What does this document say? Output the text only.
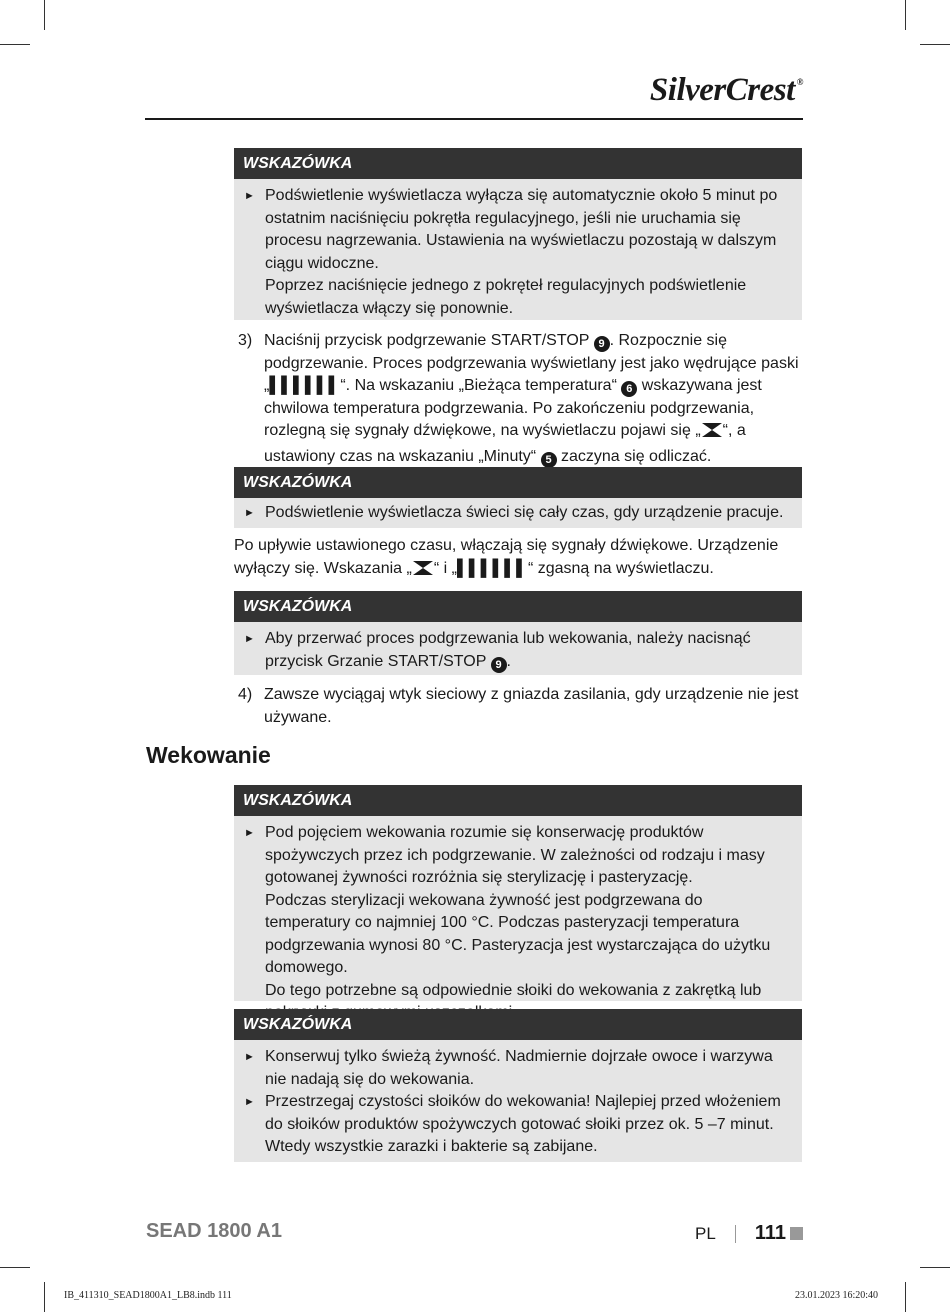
SilverCrest ®
WSKAZÓWKA
► Podświetlenie wyświetlacza wyłącza się automatycznie około 5 minut po ostatnim naciśnięciu pokrętła regulacyjnego, jeśli nie uruchamia się procesu nagrzewania. Ustawienia na wyświetlaczu pozostają w dalszym ciągu widoczne.

Poprzez naciśnięcie jednego z pokręteł regulacyjnych podświetlenie wyświetlacza włączy się ponownie.

3) Naciśnij przycisk podgrzewanie START/STOP 9 . Rozpocznie się podgrzewanie. Proces podgrzewania wyświetlany jest jako wędrujące paski „▌▌▌▌▌▌“. Na wskazaniu „Bieżąca temperatura“ 6 wskazywana jest chwilowa temperatura podgrzewania. Po zakończeniu podgrzewania, rozlegną się sygnały dźwiękowe, na wyświetlaczu pojawi się „ “, a ustawiony czas na wskazaniu „Minuty“ 5 zaczyna się odliczać.
WSKAZÓWKA
► Podświetlenie wyświetlacza świeci się cały czas, gdy urządzenie pracuje.
Po upływie ustawionego czasu, włączają się sygnały dźwiękowe. Urządzenie wyłączy się. Wskazania „ “ i „▌▌▌▌▌▌“ zgasną na wyświetlaczu.
WSKAZÓWKA
► Aby przerwać proces podgrzewania lub wekowania, należy nacisnąć przycisk Grzanie START/STOP 9 .
4) Zawsze wyciągaj wtyk sieciowy z gniazda zasilania, gdy urządzenie nie jest używane.
Wekowanie
WSKAZÓWKA
► Pod pojęciem wekowania rozumie się konserwację produktów spożywczych przez ich podgrzewanie. W zależności od rodzaju i masy gotowanej żywności rozróżnia się sterylizację i pasteryzację.

Podczas sterylizacji wekowana żywność jest podgrzewana do temperatury co najmniej 100 °C. Podczas pasteryzacji temperatura podgrzewania wynosi 80 °C. Pasteryzacja jest wystarczająca do użytku domowego.

Do tego potrzebne są odpowiednie słoiki do wekowania z zakrętką lub

WSKAZÓWKA
► Konserwuj tylko świeżą żywność. Nadmiernie dojrzałe owoce i warzywa nie nadają się do wekowania.
► Przestrzegaj czystości słoików do wekowania! Najlepiej przed włożeniem do słoików produktów spożywczych gotować słoiki przez ok. 5 –7 minut. Wtedy wszystkie zarazki i bakterie są zabijane.
SEAD 1800 A1	PL 111
IB_411310_SEAD1800A1_LB8.indb 111	23.01.2023 16:20:40
